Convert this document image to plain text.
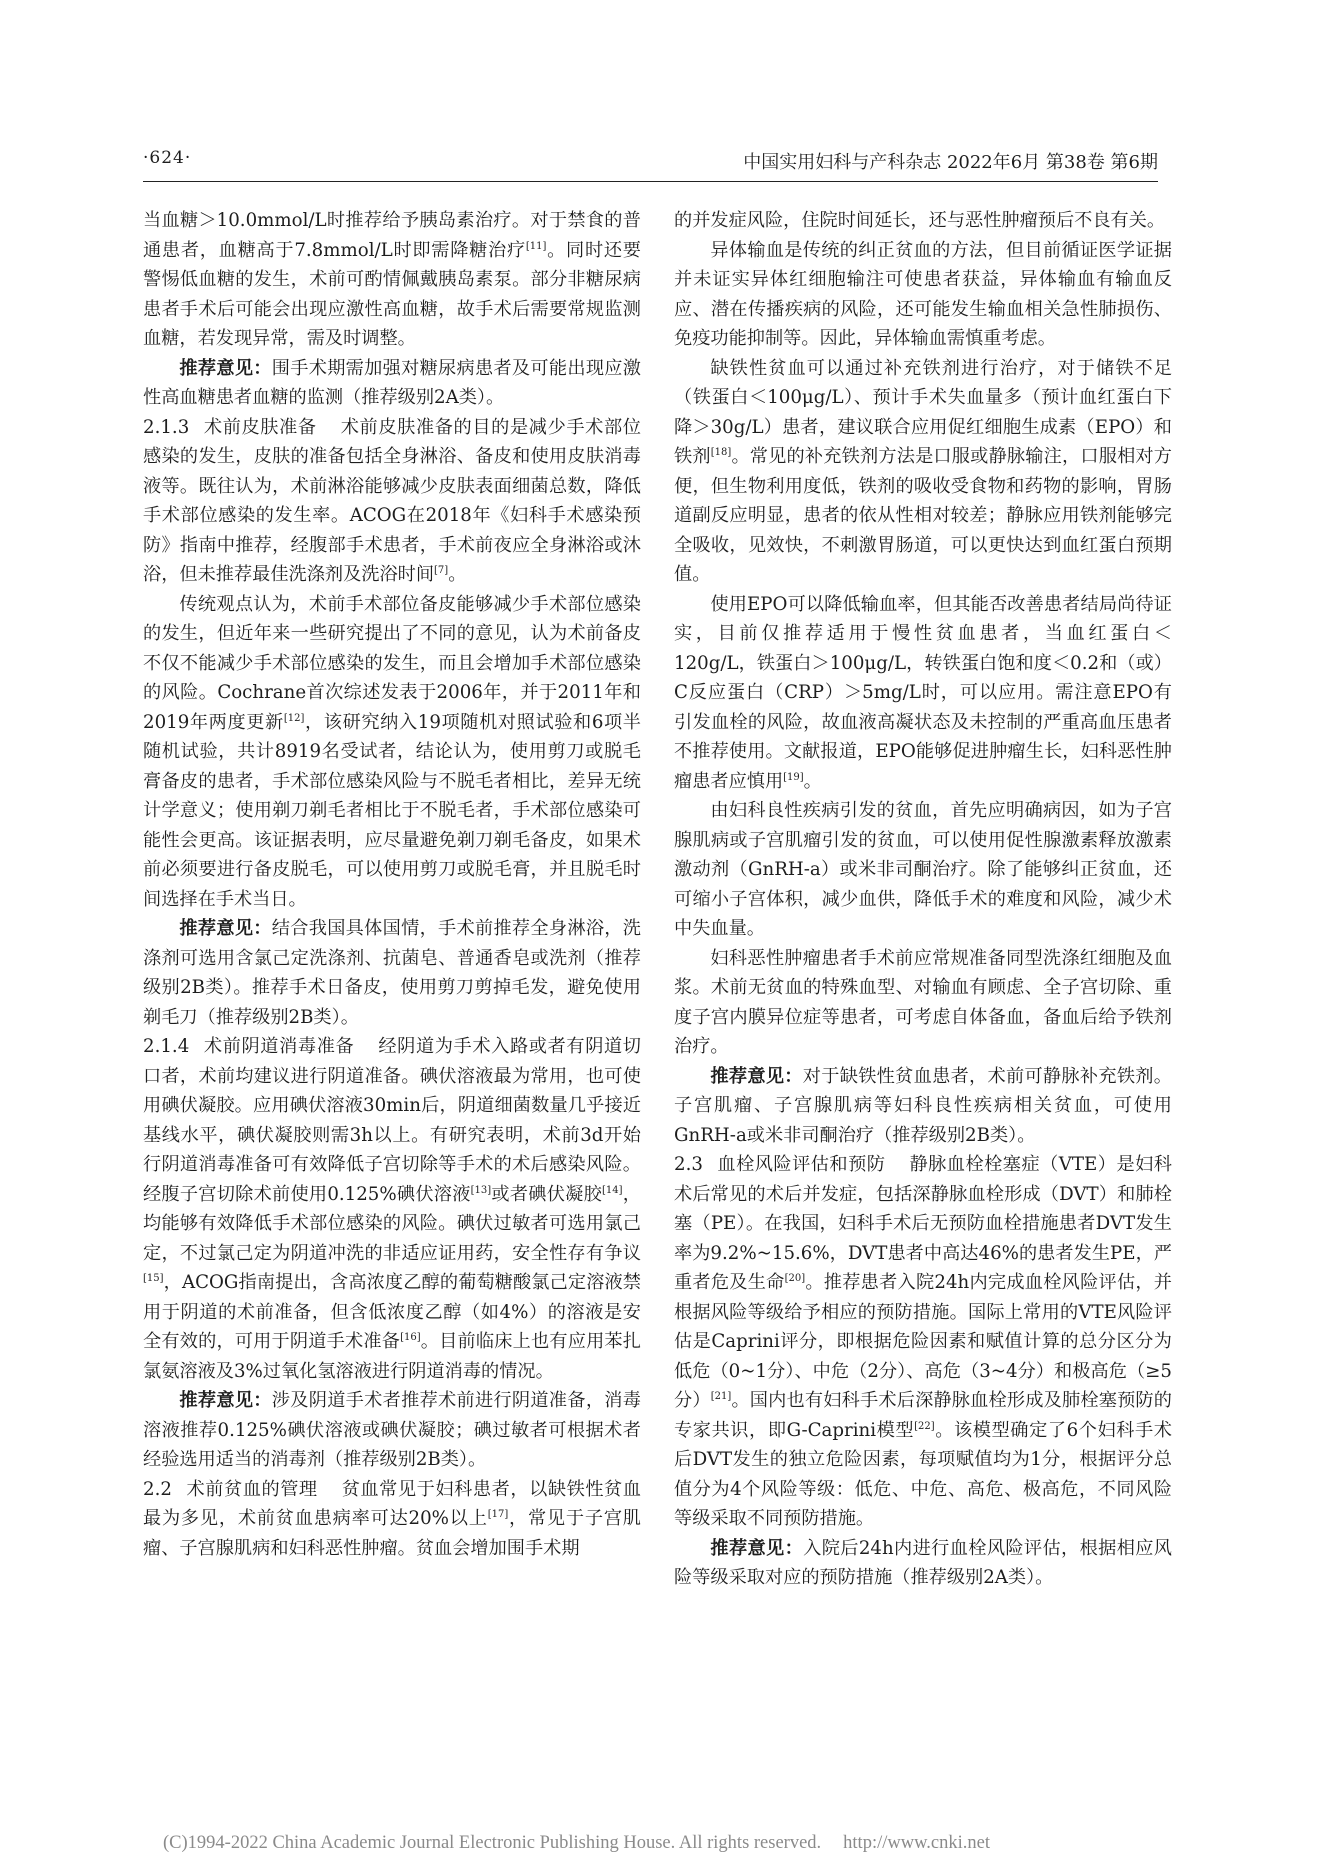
·624·	中国实用妇科与产科杂志 2022年6月 第38卷 第6期

当血糖＞10.0mmol/L时推荐给予胰岛素治疗。对于禁食的普通患者，血糖高于7.8mmol/L时即需降糖治疗[11]。同时还要警惕低血糖的发生，术前可酌情佩戴胰岛素泵。部分非糖尿病患者手术后可能会出现应激性高血糖，故手术后需要常规监测血糖，若发现异常，需及时调整。

推荐意见：围手术期需加强对糖尿病患者及可能出现应激性高血糖患者血糖的监测（推荐级别2A类）。

2.1.3 术前皮肤准备 术前皮肤准备的目的是减少手术部位感染的发生，皮肤的准备包括全身淋浴、备皮和使用皮肤消毒液等。既往认为，术前淋浴能够减少皮肤表面细菌总数，降低手术部位感染的发生率。ACOG在2018年《妇科手术感染预防》指南中推荐，经腹部手术患者，手术前夜应全身淋浴或沐浴，但未推荐最佳洗涤剂及洗浴时间[7]。

传统观点认为，术前手术部位备皮能够减少手术部位感染的发生，但近年来一些研究提出了不同的意见，认为术前备皮不仅不能减少手术部位感染的发生，而且会增加手术部位感染的风险。Cochrane首次综述发表于2006年，并于2011年和2019年两度更新[12]，该研究纳入19项随机对照试验和6项半随机试验，共计8919名受试者，结论认为，使用剪刀或脱毛膏备皮的患者，手术部位感染风险与不脱毛者相比，差异无统计学意义；使用剃刀剃毛者相比于不脱毛者，手术部位感染可能性会更高。该证据表明，应尽量避免剃刀剃毛备皮，如果术前必须要进行备皮脱毛，可以使用剪刀或脱毛膏，并且脱毛时间选择在手术当日。

推荐意见：结合我国具体国情，手术前推荐全身淋浴，洗涤剂可选用含氯己定洗涤剂、抗菌皂、普通香皂或洗剂（推荐级别2B类）。推荐手术日备皮，使用剪刀剪掉毛发，避免使用剃毛刀（推荐级别2B类）。

2.1.4 术前阴道消毒准备 经阴道为手术入路或者有阴道切口者，术前均建议进行阴道准备。碘伏溶液最为常用，也可使用碘伏凝胶。应用碘伏溶液30min后，阴道细菌数量几乎接近基线水平，碘伏凝胶则需3h以上。有研究表明，术前3d开始行阴道消毒准备可有效降低子宫切除等手术的术后感染风险。经腹子宫切除术前使用0.125%碘伏溶液[13]或者碘伏凝胶[14]，均能够有效降低手术部位感染的风险。碘伏过敏者可选用氯己定，不过氯己定为阴道冲洗的非适应证用药，安全性存有争议[15]，ACOG指南提出，含高浓度乙醇的葡萄糖酸氯己定溶液禁用于阴道的术前准备，但含低浓度乙醇（如4%）的溶液是安全有效的，可用于阴道手术准备[16]。目前临床上也有应用苯扎氯氨溶液及3%过氧化氢溶液进行阴道消毒的情况。

推荐意见：涉及阴道手术者推荐术前进行阴道准备，消毒溶液推荐0.125%碘伏溶液或碘伏凝胶；碘过敏者可根据术者经验选用适当的消毒剂（推荐级别2B类）。

2.2 术前贫血的管理 贫血常见于妇科患者，以缺铁性贫血最为多见，术前贫血患病率可达20%以上[17]，常见于子宫肌瘤、子宫腺肌病和妇科恶性肿瘤。贫血会增加围手术期

的并发症风险，住院时间延长，还与恶性肿瘤预后不良有关。

异体输血是传统的纠正贫血的方法，但目前循证医学证据并未证实异体红细胞输注可使患者获益，异体输血有输血反应、潜在传播疾病的风险，还可能发生输血相关急性肺损伤、免疫功能抑制等。因此，异体输血需慎重考虑。

缺铁性贫血可以通过补充铁剂进行治疗，对于储铁不足（铁蛋白＜100μg/L）、预计手术失血量多（预计血红蛋白下降＞30g/L）患者，建议联合应用促红细胞生成素（EPO）和铁剂[18]。常见的补充铁剂方法是口服或静脉输注，口服相对方便，但生物利用度低，铁剂的吸收受食物和药物的影响，胃肠道副反应明显，患者的依从性相对较差；静脉应用铁剂能够完全吸收，见效快，不刺激胃肠道，可以更快达到血红蛋白预期值。

使用EPO可以降低输血率，但其能否改善患者结局尚待证实，目前仅推荐适用于慢性贫血患者，当血红蛋白＜120g/L，铁蛋白＞100μg/L，转铁蛋白饱和度＜0.2和（或）C反应蛋白（CRP）＞5mg/L时，可以应用。需注意EPO有引发血栓的风险，故血液高凝状态及未控制的严重高血压患者不推荐使用。文献报道，EPO能够促进肿瘤生长，妇科恶性肿瘤患者应慎用[19]。

由妇科良性疾病引发的贫血，首先应明确病因，如为子宫腺肌病或子宫肌瘤引发的贫血，可以使用促性腺激素释放激素激动剂（GnRH-a）或米非司酮治疗。除了能够纠正贫血，还可缩小子宫体积，减少血供，降低手术的难度和风险，减少术中失血量。

妇科恶性肿瘤患者手术前应常规准备同型洗涤红细胞及血浆。术前无贫血的特殊血型、对输血有顾虑、全子宫切除、重度子宫内膜异位症等患者，可考虑自体备血，备血后给予铁剂治疗。

推荐意见：对于缺铁性贫血患者，术前可静脉补充铁剂。子宫肌瘤、子宫腺肌病等妇科良性疾病相关贫血，可使用GnRH-a或米非司酮治疗（推荐级别2B类）。

2.3 血栓风险评估和预防 静脉血栓栓塞症（VTE）是妇科术后常见的术后并发症，包括深静脉血栓形成（DVT）和肺栓塞（PE）。在我国，妇科手术后无预防血栓措施患者DVT发生率为9.2%~15.6%，DVT患者中高达46%的患者发生PE，严重者危及生命[20]。推荐患者入院24h内完成血栓风险评估，并根据风险等级给予相应的预防措施。国际上常用的VTE风险评估是Caprini评分，即根据危险因素和赋值计算的总分区分为低危（0~1分）、中危（2分）、高危（3~4分）和极高危（≥5分）[21]。国内也有妇科手术后深静脉血栓形成及肺栓塞预防的专家共识，即G-Caprini模型[22]。该模型确定了6个妇科手术后DVT发生的独立危险因素，每项赋值均为1分，根据评分总值分为4个风险等级：低危、中危、高危、极高危，不同风险等级采取不同预防措施。

推荐意见：入院后24h内进行血栓风险评估，根据相应风险等级采取对应的预防措施（推荐级别2A类）。

(C)1994-2022 China Academic Journal Electronic Publishing House. All rights reserved. http://www.cnki.net
